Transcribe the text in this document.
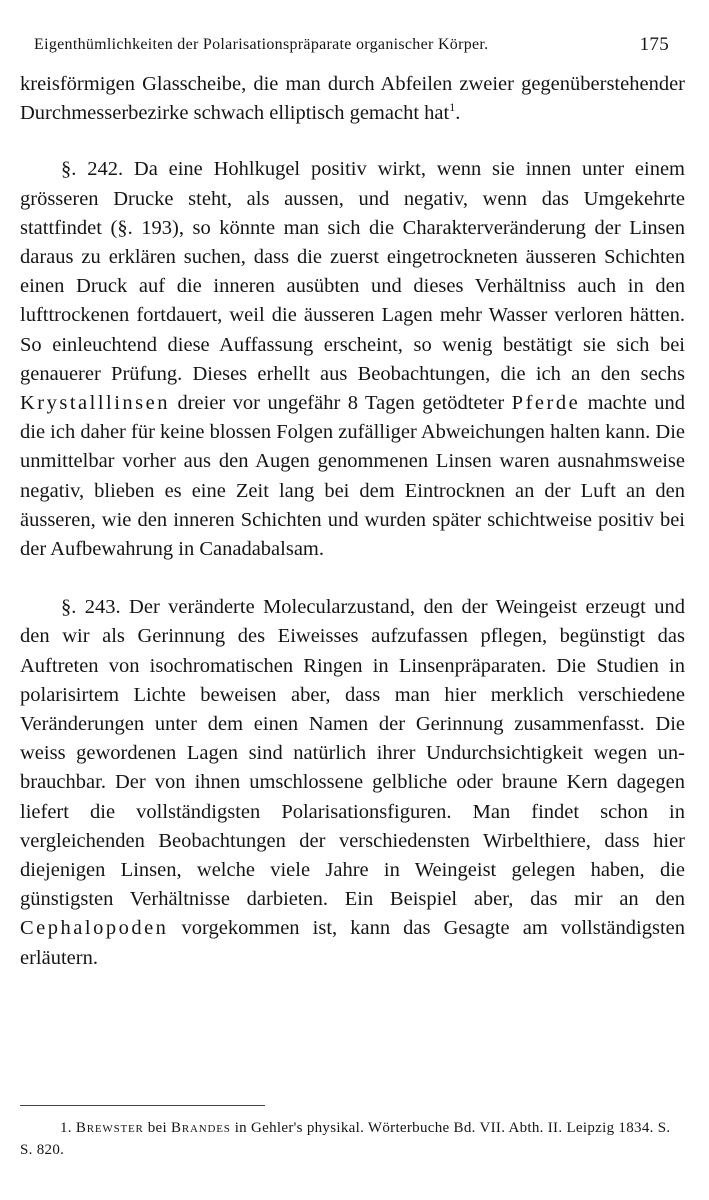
Eigenthümlichkeiten der Polarisationspräparate organischer Körper.	175

kreisförmigen Glasscheibe, die man durch Abfeilen zweier gegenüberstehender Durchmesserbezirke schwach elliptisch gemacht hat$^1$.

§. 242. Da eine Hohlkugel positiv wirkt, wenn sie innen unter einem grösseren Drucke steht, als aussen, und negativ, wenn das Umgekehrte stattfindet (§. 193), so könnte man sich die Charakterveränderung der Linsen daraus zu erklären suchen, dass die zuerst eingetrockneten äusseren Schichten einen Druck auf die inneren ausübten und dieses Verhältniss auch in den lufttrockenen fortdauert, weil die äusseren Lagen mehr Wasser verloren hätten. So einleuchtend diese Auffassung erscheint, so wenig bestätigt sie sich bei genauerer Prüfung. Dieses erhellt aus Beobachtungen, die ich an den sechs Krystalllinsen dreier vor ungefähr 8 Tagen getödteter Pferde machte und die ich daher für keine blossen Folgen zufälliger Abweichungen halten kann. Die unmittelbar vorher aus den Augen genommenen Linsen waren ausnahmsweise negativ, blieben es eine Zeit lang bei dem Eintrocknen an der Luft an den äusseren, wie den inneren Schichten und wurden später schichtweise positiv bei der Aufbewahrung in Canadabalsam.

§. 243. Der veränderte Molecularzustand, den der Weingeist erzeugt und den wir als Gerinnung des Eiweisses aufzufassen pflegen, begünstigt das Auftreten von isochromatischen Ringen in Linsenpräparaten. Die Studien in polarisirtem Lichte beweisen aber, dass man hier merklich verschiedene Veränderungen unter dem einen Namen der Gerinnung zusammenfasst. Die weiss gewordenen Lagen sind natürlich ihrer Undurchsichtigkeit wegen unbrauchbar. Der von ihnen umschlossene gelbliche oder braune Kern dagegen liefert die vollständigsten Polarisationsfiguren. Man findet schon in vergleichenden Beobachtungen der verschiedensten Wirbelthiere, dass hier diejenigen Linsen, welche viele Jahre in Weingeist gelegen haben, die günstigsten Verhältnisse darbieten. Ein Beispiel aber, das mir an den Cephalopoden vorgekommen ist, kann das Gesagte am vollständigsten erläutern.

1. Brewster bei Brandes in Gehler's physikal. Wörterbuche Bd. VII. Abth. II. Leipzig 1834. S. S. 820.
